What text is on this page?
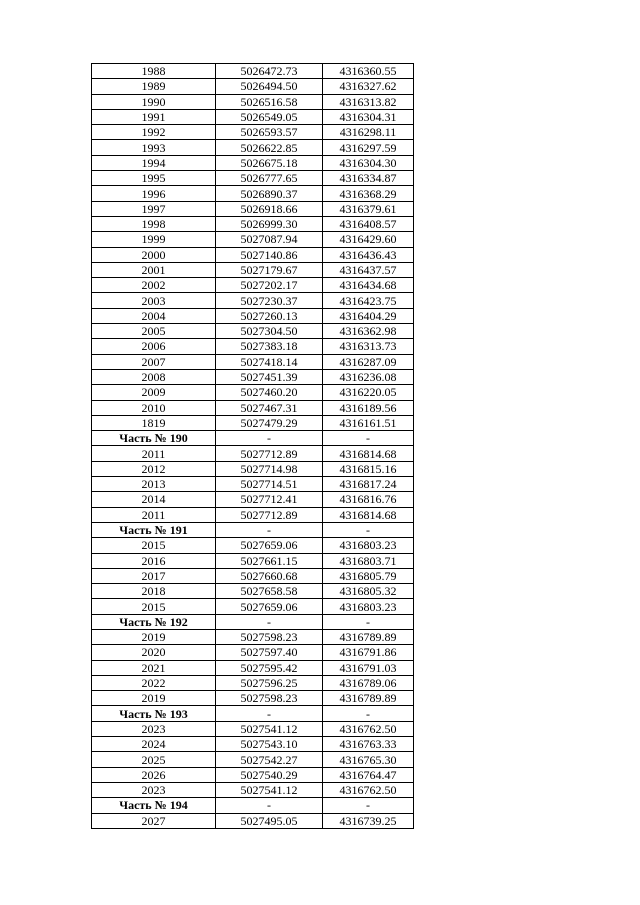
1988	5026472.73	4316360.55
1989	5026494.50	4316327.62
1990	5026516.58	4316313.82
1991	5026549.05	4316304.31
1992	5026593.57	4316298.11
1993	5026622.85	4316297.59
1994	5026675.18	4316304.30
1995	5026777.65	4316334.87
1996	5026890.37	4316368.29
1997	5026918.66	4316379.61
1998	5026999.30	4316408.57
1999	5027087.94	4316429.60
2000	5027140.86	4316436.43
2001	5027179.67	4316437.57
2002	5027202.17	4316434.68
2003	5027230.37	4316423.75
2004	5027260.13	4316404.29
2005	5027304.50	4316362.98
2006	5027383.18	4316313.73
2007	5027418.14	4316287.09
2008	5027451.39	4316236.08
2009	5027460.20	4316220.05
2010	5027467.31	4316189.56
1819	5027479.29	4316161.51
Часть № 190	-	-
2011	5027712.89	4316814.68
2012	5027714.98	4316815.16
2013	5027714.51	4316817.24
2014	5027712.41	4316816.76
2011	5027712.89	4316814.68
Часть № 191	-	-
2015	5027659.06	4316803.23
2016	5027661.15	4316803.71
2017	5027660.68	4316805.79
2018	5027658.58	4316805.32
2015	5027659.06	4316803.23
Часть № 192	-	-
2019	5027598.23	4316789.89
2020	5027597.40	4316791.86
2021	5027595.42	4316791.03
2022	5027596.25	4316789.06
2019	5027598.23	4316789.89
Часть № 193	-	-
2023	5027541.12	4316762.50
2024	5027543.10	4316763.33
2025	5027542.27	4316765.30
2026	5027540.29	4316764.47
2023	5027541.12	4316762.50
Часть № 194	-	-
2027	5027495.05	4316739.25
